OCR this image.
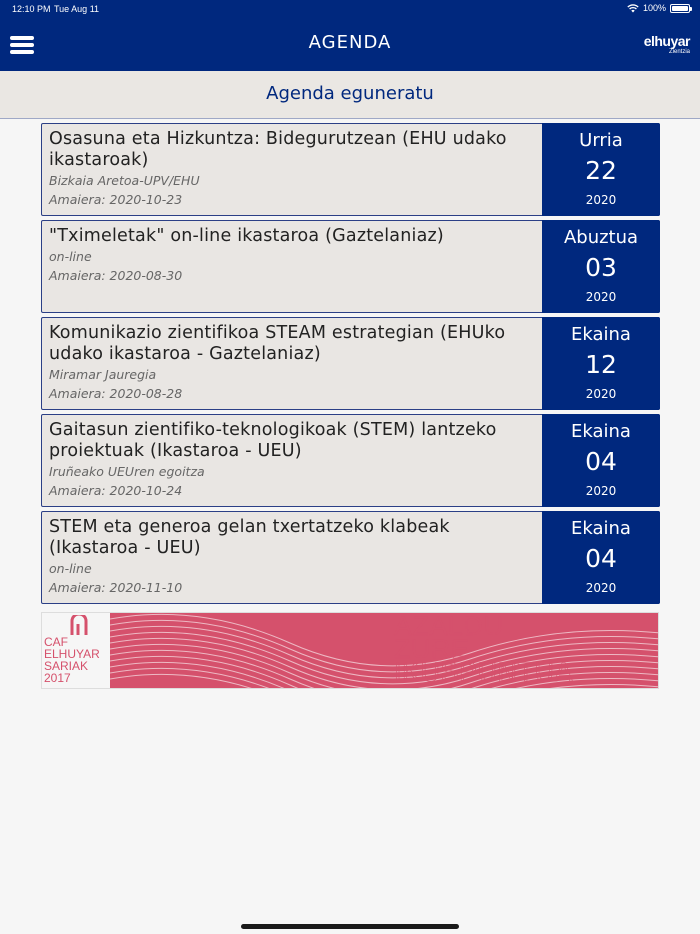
12:10 PM Tue Aug 11	100%
AGENDA	elhuyar
Zientzia
Agenda eguneratu
Osasuna eta Hizkuntza: Bidegurutzean (EHU udako ikastaroak)
Bizkaia Aretoa-UPV/EHU
Amaiera: 2020-10-23
Urria
22
2020
"Tximeletak" on-line ikastaroa (Gaztelaniaz)
on-line
Amaiera: 2020-08-30
Abuztua
03
2020
Komunikazio zientifikoa STEAM estrategian (EHUko udako ikastaroa - Gaztelaniaz)
Miramar Jauregia
Amaiera: 2020-08-28
Ekaina
12
2020
Gaitasun zientifiko-teknologikoak (STEM) lantzeko proiektuak (Ikastaroa - UEU)
Iruñeako UEUren egoitza
Amaiera: 2020-10-24
Ekaina
04
2020
STEM eta generoa gelan txertatzeko klabeak (Ikastaroa - UEU)
on-line
Amaiera: 2020-11-10
Ekaina
04
2020
CAF
ELHUYAR
SARIAK
2017
AZALDU
ZURE
IKUSPUNTUA
